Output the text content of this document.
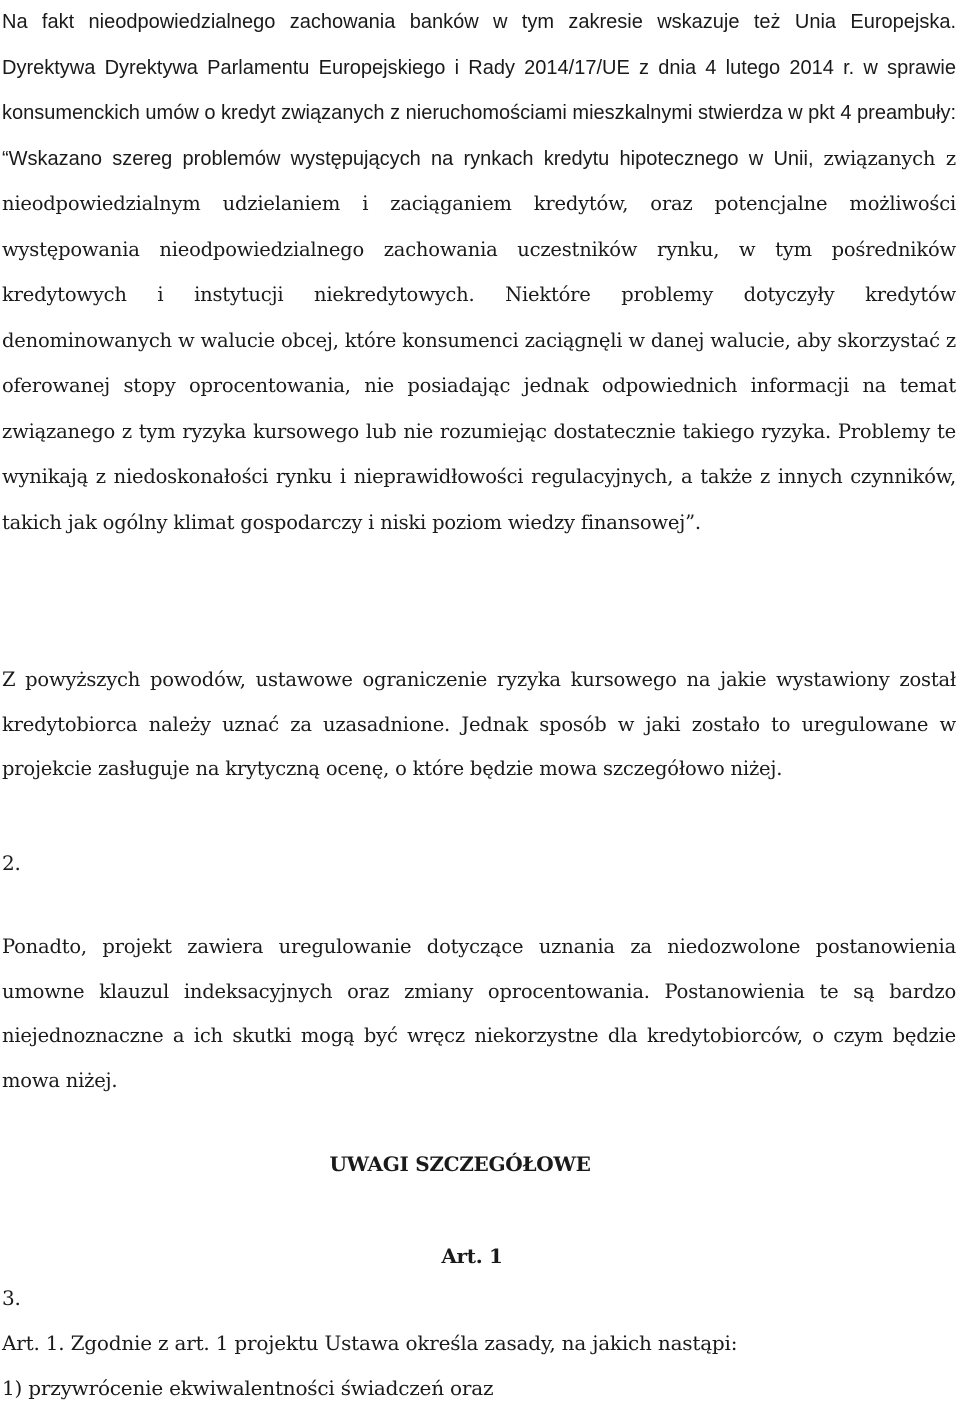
Na fakt nieodpowiedzialnego zachowania banków w tym zakresie wskazuje też Unia Europejska. Dyrektywa Dyrektywa Parlamentu Europejskiego i Rady 2014/17/UE z dnia 4 lutego 2014 r. w sprawie konsumenckich umów o kredyt związanych z nieruchomościami mieszkalnymi stwierdza w pkt 4 preambuły: “Wskazano szereg problemów występujących na rynkach kredytu hipotecznego w Unii, związanych z nieodpowiedzialnym udzielaniem i zaciąganiem kredytów, oraz potencjalne możliwości występowania nieodpowiedzialnego zachowania uczestników rynku, w tym pośredników kredytowych i instytucji niekredytowych. Niektóre problemy dotyczyły kredytów denominowanych w walucie obcej, które konsumenci zaciągnęli w danej walucie, aby skorzystać z oferowanej stopy oprocentowania, nie posiadając jednak odpowiednich informacji na temat związanego z tym ryzyka kursowego lub nie rozumiejąc dostatecznie takiego ryzyka. Problemy te wynikają z niedoskonałości rynku i nieprawidłowości regulacyjnych, a także z innych czynników, takich jak ogólny klimat gospodarczy i niski poziom wiedzy finansowej”.

Z powyższych powodów, ustawowe ograniczenie ryzyka kursowego na jakie wystawiony został kredytobiorca należy uznać za uzasadnione. Jednak sposób w jaki zostało to uregulowane w projekcie zasługuje na krytyczną ocenę, o które będzie mowa szczegółowo niżej.

2.

Ponadto, projekt zawiera uregulowanie dotyczące uznania za niedozwolone postanowienia umowne klauzul indeksacyjnych oraz zmiany oprocentowania. Postanowienia te są bardzo niejednoznaczne a ich skutki mogą być wręcz niekorzystne dla kredytobiorców, o czym będzie mowa niżej.

UWAGI SZCZEGÓŁOWE
Art. 1
3.
Art. 1. Zgodnie z art. 1 projektu Ustawa określa zasady, na jakich nastąpi:
1) przywrócenie ekwiwalentności świadczeń oraz
